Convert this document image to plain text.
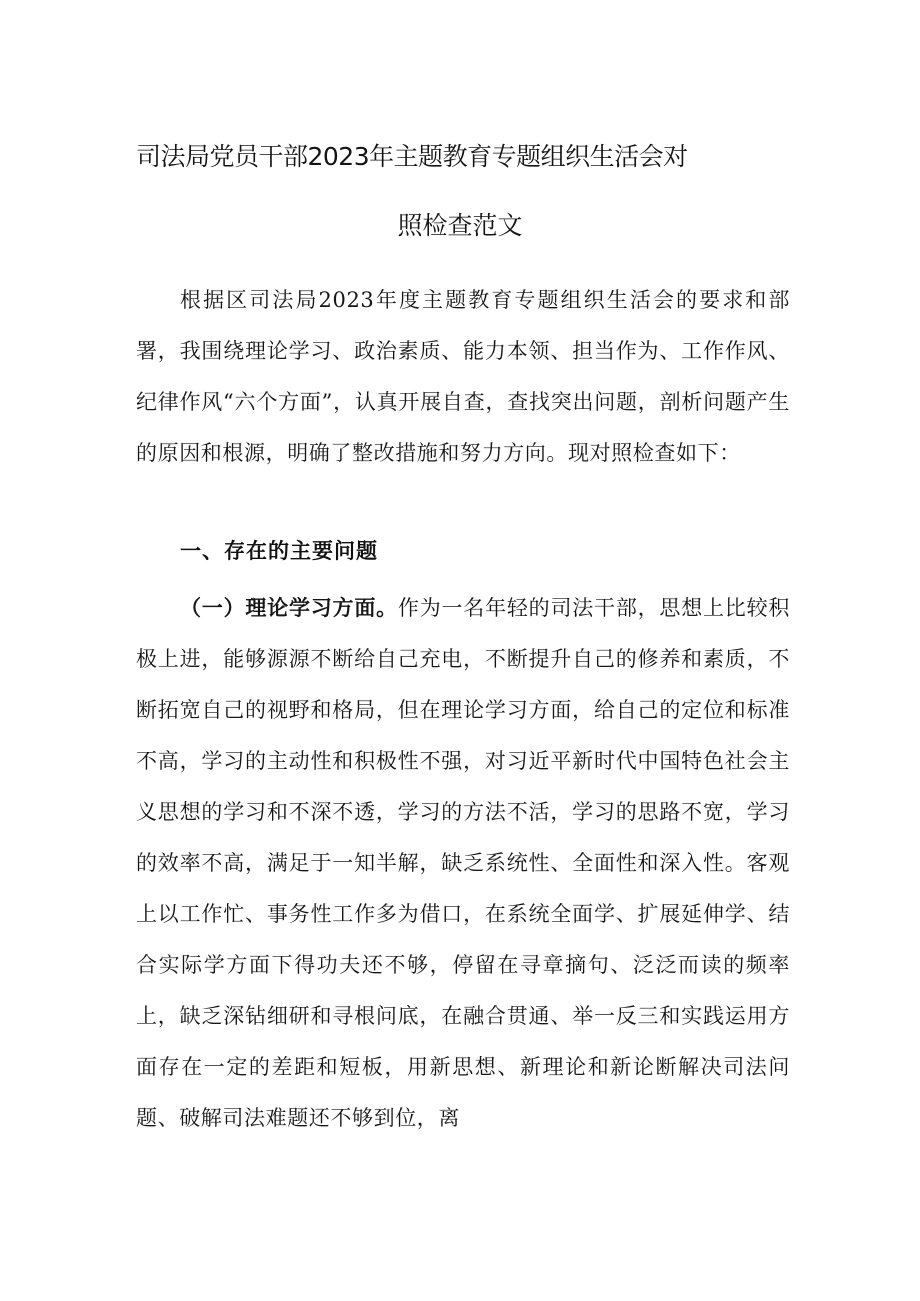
司法局党员干部2023年主题教育专题组织生活会对
照检查范文

根据区司法局2023年度主题教育专题组织生活会的要求和部署，我围绕理论学习、政治素质、能力本领、担当作为、工作作风、纪律作风“六个方面”，认真开展自查，查找突出问题，剖析问题产生的原因和根源，明确了整改措施和努力方向。现对照检查如下：

一、存在的主要问题

（一）理论学习方面。作为一名年轻的司法干部，思想上比较积极上进，能够源源不断给自己充电，不断提升自己的修养和素质，不断拓宽自己的视野和格局，但在理论学习方面，给自己的定位和标准不高，学习的主动性和积极性不强，对习近平新时代中国特色社会主义思想的学习和不深不透，学习的方法不活，学习的思路不宽，学习的效率不高，满足于一知半解，缺乏系统性、全面性和深入性。客观上以工作忙、事务性工作多为借口，在系统全面学、扩展延伸学、结合实际学方面下得功夫还不够，停留在寻章摘句、泛泛而读的频率上，缺乏深钻细研和寻根问底，在融合贯通、举一反三和实践运用方面存在一定的差距和短板，用新思想、新理论和新论断解决司法问题、破解司法难题还不够到位，离
